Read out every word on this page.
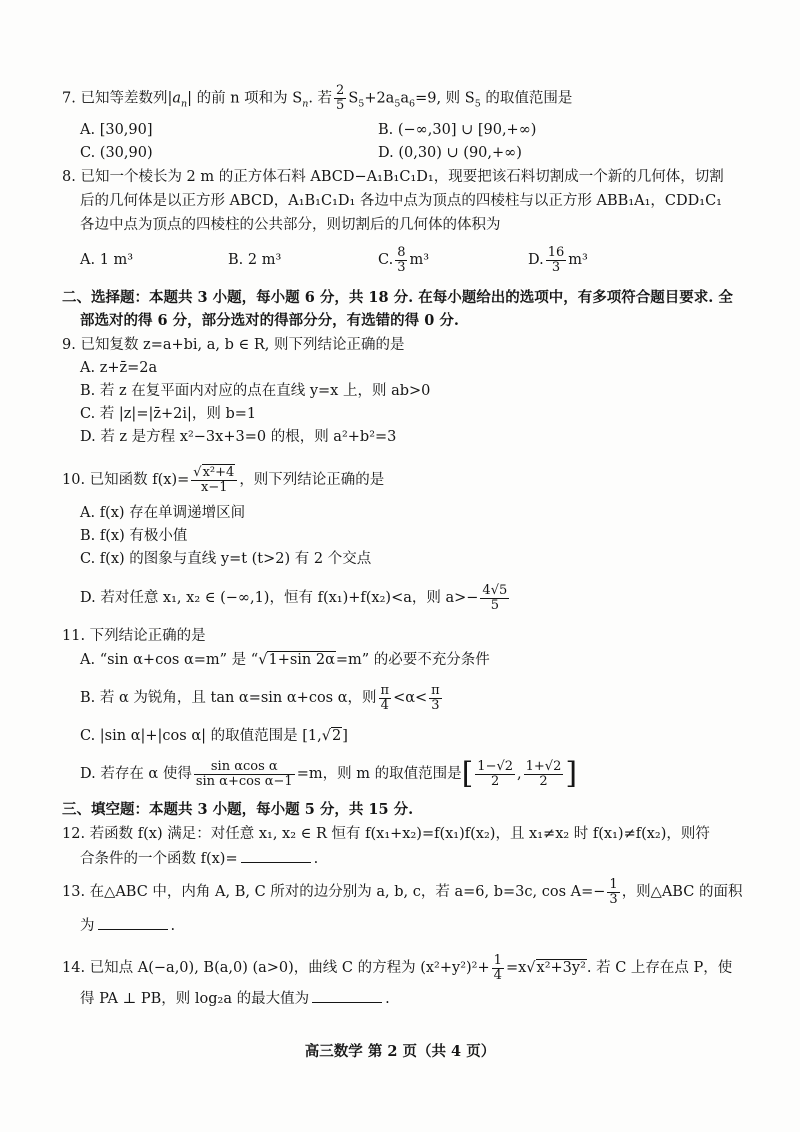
7. 已知等差数列$|a_n|$ 的前 n 项和为 $S_n$. 若 $\frac{2}{5} S_5+2a_5a_6=9$, 则 $S_5$ 的取值范围是
A. [30,90]	B. (−∞,30] ∪ [90,+∞)
C. (30,90)	D. (0,30) ∪ (90,+∞)
8. 已知一个棱长为 2 m 的正方体石料 ABCD−A₁B₁C₁D₁，现要把该石料切割成一个新的几何体，切割
后的几何体是以正方形 ABCD，A₁B₁C₁D₁ 各边中点为顶点的四棱柱与以正方形 ABB₁A₁，CDD₁C₁
各边中点为顶点的四棱柱的公共部分，则切割后的几何体的体积为
A. 1 m³	B. 2 m³	C. $\frac{8}{3} m^3$	D. $\frac{16}{3} m^3$
二、选择题：本题共 3 小题，每小题 6 分，共 18 分. 在每小题给出的选项中，有多项符合题目要求. 全
部选对的得 6 分，部分选对的得部分分，有选错的得 0 分.
9. 已知复数 z=a+bi, a, b ∈ R, 则下列结论正确的是
A. z+z̄=2a
B. 若 z 在复平面内对应的点在直线 y=x 上，则 ab>0
C. 若 |z|=|z̄+2i|，则 b=1
D. 若 z 是方程 x²−3x+3=0 的根，则 a²+b²=3
10. 已知函数 $f(x)= \frac{\text{√x²+4}}{x-1}$ ，则下列结论正确的是
A. f(x) 存在单调递增区间
B. f(x) 有极小值
C. f(x) 的图象与直线 y=t (t>2) 有 2 个交点
D. 若对任意 x₁, x₂ ∈ (−∞,1)，恒有 f(x₁)+f(x₂)<a，则 $a>- \frac{4√5}{5}$
11. 下列结论正确的是
A. “sin α+cos α=m” 是 “√1+sin 2α=m” 的必要不充分条件
B. 若 α 为锐角，且 tan α=sin α+cos α，则 $\frac{\pi}{4} <\alpha< \frac{\pi}{3}$
C. |sin α|+|cos α| 的取值范围是 [1,√2]
D. 若存在 α 使得 $\frac{\text{sin αcos α}}{\text{sin α+cos α−1}} =m$，则 m 的取值范围是[ $\frac{1-√2}{2}$ , $\frac{1+√2}{2}$ ]
三、填空题：本题共 3 小题，每小题 5 分，共 15 分.
12. 若函数 f(x) 满足：对任意 x₁, x₂ ∈ R 恒有 f(x₁+x₂)=f(x₁)f(x₂)，且 x₁≠x₂ 时 f(x₁)≠f(x₂)，则符
合条件的一个函数 f(x)=	.
13. 在△ABC 中，内角 A, B, C 所对的边分别为 a, b, c，若 a=6, b=3c, $\cos A=- \frac{1}{3}$ ，则△ABC 的面积
为	.
14. 已知点 A(−a,0), B(a,0) (a>0)，曲线 C 的方程为 $(x^2+y^2)^2+ \frac{1}{4} =x√x^2+3y^2$. 若 C 上存在点 P，使
得 PA ⊥ PB，则 log₂a 的最大值为	.
高三数学 第 2 页（共 4 页）
